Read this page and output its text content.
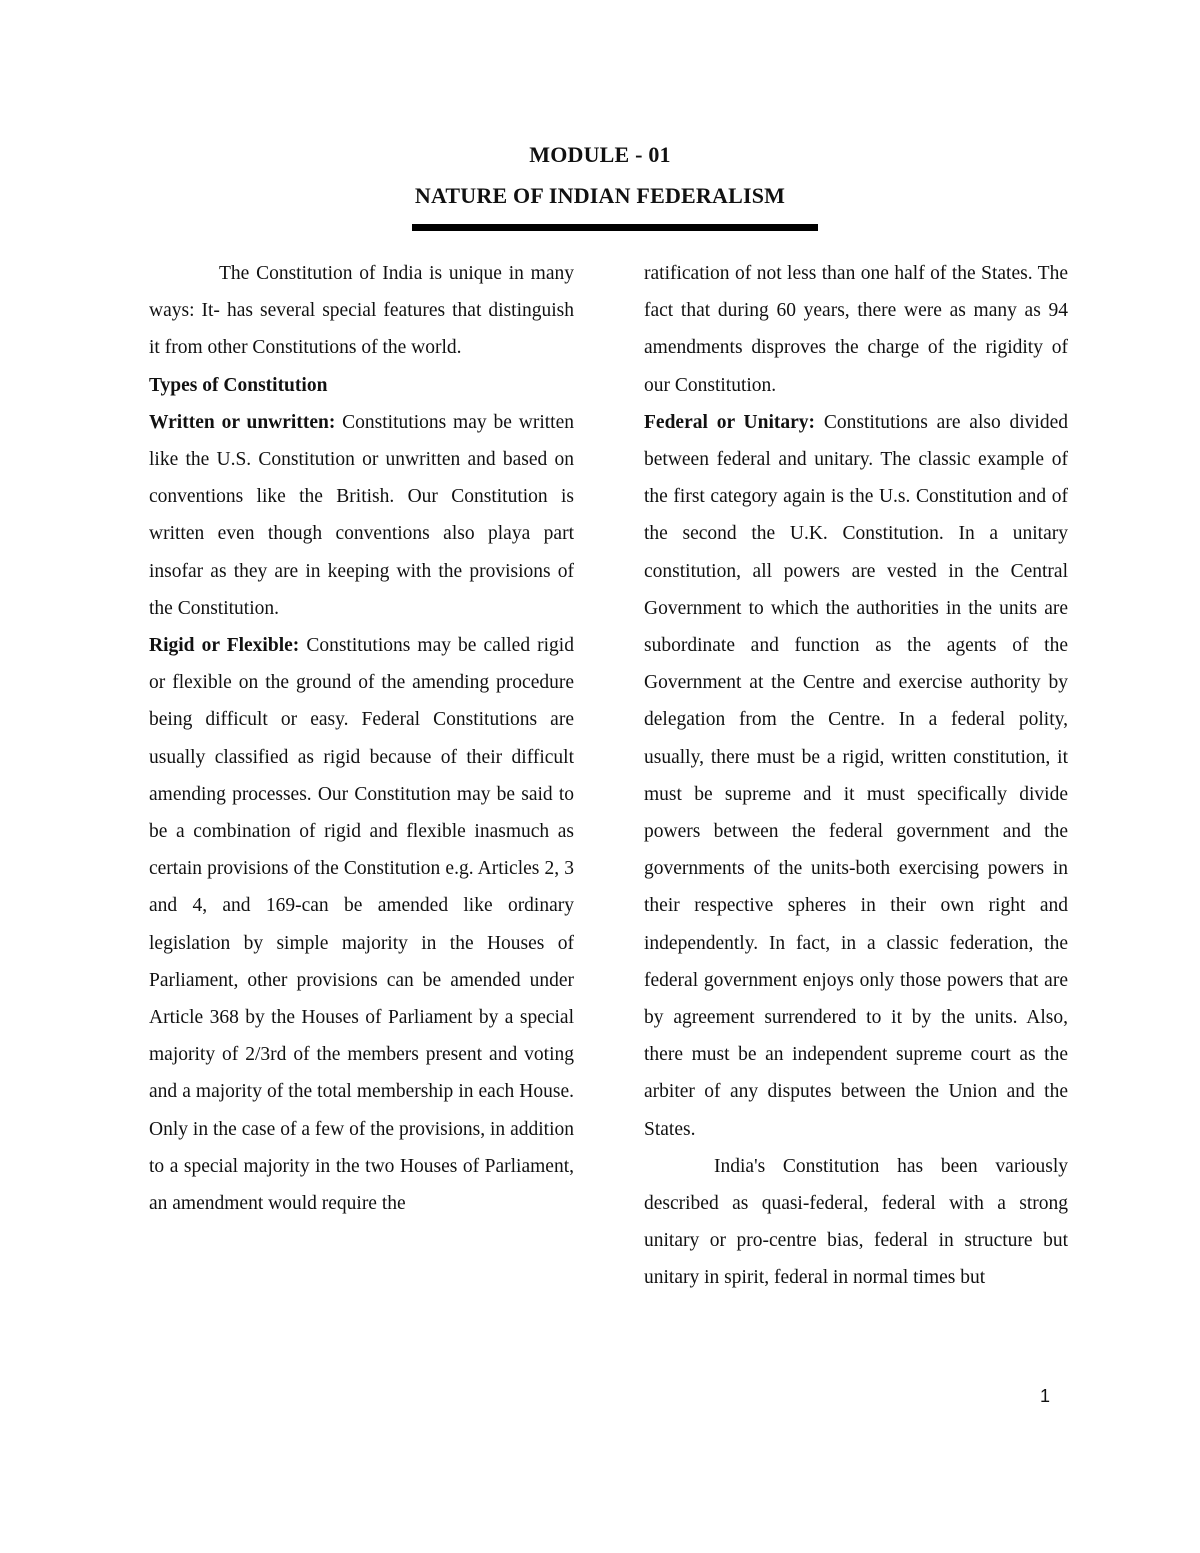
MODULE - 01
NATURE OF INDIAN FEDERALISM

The Constitution of India is unique in many ways: It- has several special features that distinguish it from other Constitutions of the world.

Types of Constitution

Written or unwritten: Constitutions may be written like the U.S. Constitution or unwritten and based on conventions like the British. Our Constitution is written even though conventions also playa part insofar as they are in keeping with the provisions of the Constitution.

Rigid or Flexible: Constitutions may be called rigid or flexible on the ground of the amending procedure being difficult or easy. Federal Constitutions are usually classified as rigid because of their difficult amending processes. Our Constitution may be said to be a combination of rigid and flexible inasmuch as certain provisions of the Constitution e.g. Articles 2, 3 and 4, and 169-can be amended like ordinary legislation by simple majority in the Houses of Parliament, other provisions can be amended under Article 368 by the Houses of Parliament by a special majority of 2/3rd of the members present and voting and a majority of the total membership in each House. Only in the case of a few of the provisions, in addition to a special majority in the two Houses of Parliament, an amendment would require the

ratification of not less than one half of the States. The fact that during 60 years, there were as many as 94 amendments disproves the charge of the rigidity of our Constitution.

Federal or Unitary: Constitutions are also divided between federal and unitary. The classic example of the first category again is the U.s. Constitution and of the second the U.K. Constitution. In a unitary constitution, all powers are vested in the Central Government to which the authorities in the units are subordinate and function as the agents of the Government at the Centre and exercise authority by delegation from the Centre. In a federal polity, usually, there must be a rigid, written constitution, it must be supreme and it must specifically divide powers between the federal government and the governments of the units-both exercising powers in their respective spheres in their own right and independently. In fact, in a classic federation, the federal government enjoys only those powers that are by agreement surrendered to it by the units. Also, there must be an independent supreme court as the arbiter of any disputes between the Union and the States.

India's Constitution has been variously described as quasi-federal, federal with a strong unitary or pro-centre bias, federal in structure but unitary in spirit, federal in normal times but

1
